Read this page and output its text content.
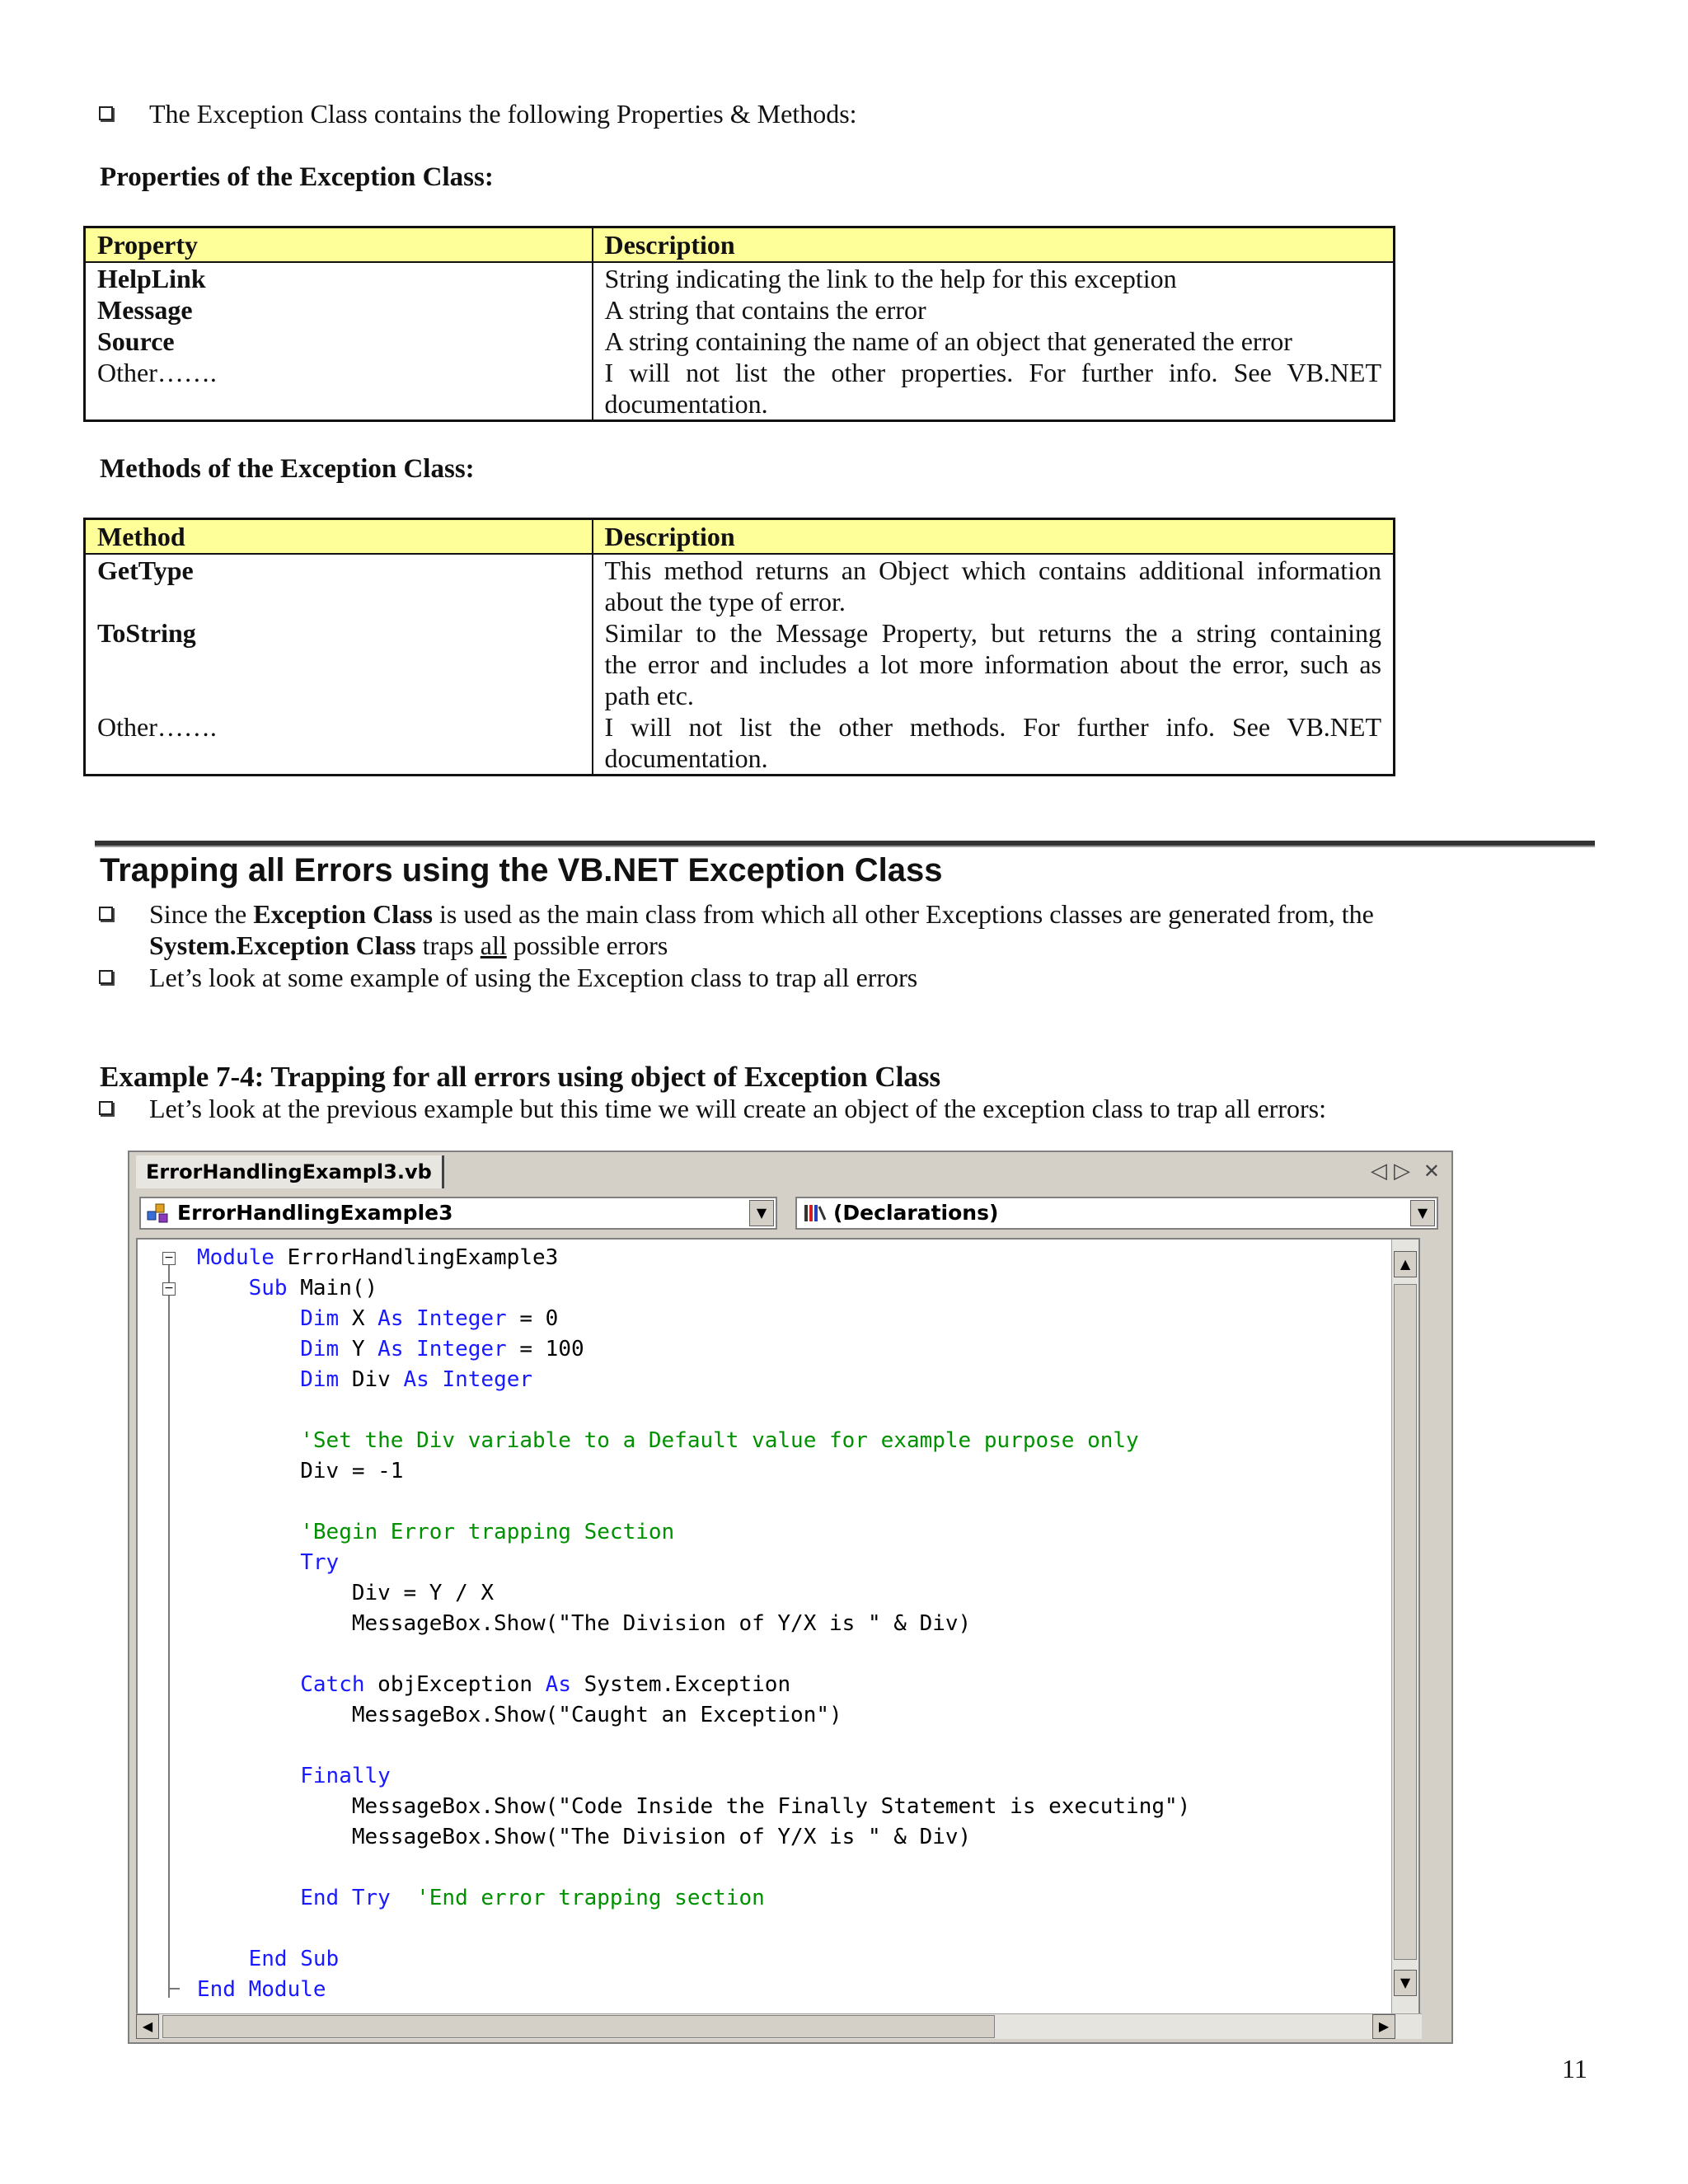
The Exception Class contains the following Properties & Methods:
Properties of the Exception Class:
Property	Description
HelpLink	String indicating the link to the help for this exception
Message	A string that contains the error
Source	A string containing the name of an object that generated the error
Other…….	I will not list the other properties. For further info. See VB.NET
documentation.
Methods of the Exception Class:
Method	Description
GetType	This method returns an Object which contains additional information
about the type of error.

ToString	Similar to the Message Property, but returns the a string containing
the error and includes a lot more information about the error, such as
path etc.

Other…….	I will not list the other methods. For further info. See VB.NET
documentation.
Trapping all Errors using the VB.NET Exception Class
Since the Exception Class is used as the main class from which all other Exceptions classes are generated from, the
System.Exception Class traps all possible errors
Let’s look at some example of using the Exception class to trap all errors
Example 7-4: Trapping for all errors using object of Exception Class
Let’s look at the previous example but this time we will create an object of the exception class to trap all errors:
ErrorHandlingExampl3.vb	◁ ▷ ✕
ErrorHandlingExample3	▼	(Declarations)	▼
−
−
Module ErrorHandlingExample3
Sub Main()
Dim X As Integer = 0
Dim Y As Integer = 100
Dim Div As Integer

'Set the Div variable to a Default value for example purpose only
Div = -1

'Begin Error trapping Section
Try
Div = Y / X
MessageBox.Show("The Division of Y/X is " & Div)

Catch objException As System.Exception
MessageBox.Show("Caught an Exception")

Finally
MessageBox.Show("Code Inside the Finally Statement is executing")
MessageBox.Show("The Division of Y/X is " & Div)

End Try  'End error trapping section

End Sub
End Module
▲
▼
◀	▶
11
